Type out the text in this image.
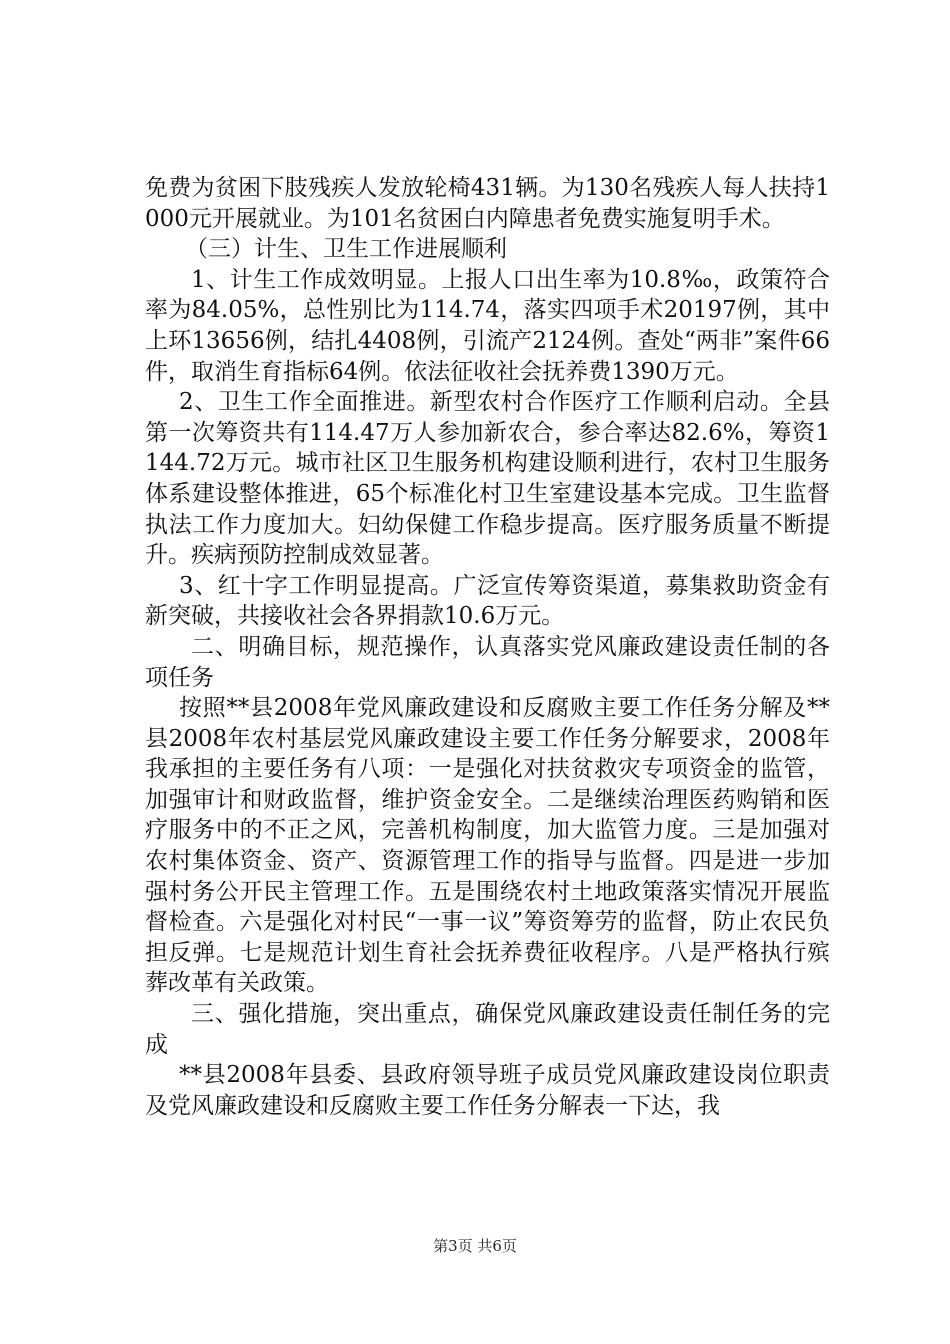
免费为贫困下肢残疾人发放轮椅431辆。为130名残疾人每人扶持1000元开展就业。为101名贫困白内障患者免费实施复明手术。

（三）计生、卫生工作进展顺利

1、计生工作成效明显。上报人口出生率为10.8‰，政策符合率为84.05%，总性别比为114.74，落实四项手术20197例，其中上环13656例，结扎4408例，引流产2124例。查处“两非”案件66件，取消生育指标64例。依法征收社会抚养费1390万元。

2、卫生工作全面推进。新型农村合作医疗工作顺利启动。全县第一次筹资共有114.47万人参加新农合，参合率达82.6%，筹资1144.72万元。城市社区卫生服务机构建设顺利进行，农村卫生服务体系建设整体推进，65个标准化村卫生室建设基本完成。卫生监督执法工作力度加大。妇幼保健工作稳步提高。医疗服务质量不断提升。疾病预防控制成效显著。

3、红十字工作明显提高。广泛宣传筹资渠道，募集救助资金有新突破，共接收社会各界捐款10.6万元。

二、明确目标，规范操作，认真落实党风廉政建设责任制的各项任务

按照**县2008年党风廉政建设和反腐败主要工作任务分解及**县2008年农村基层党风廉政建设主要工作任务分解要求，2008年我承担的主要任务有八项：一是强化对扶贫救灾专项资金的监管，加强审计和财政监督，维护资金安全。二是继续治理医药购销和医疗服务中的不正之风，完善机构制度，加大监管力度。三是加强对农村集体资金、资产、资源管理工作的指导与监督。四是进一步加强村务公开民主管理工作。五是围绕农村土地政策落实情况开展监督检查。六是强化对村民“一事一议”筹资筹劳的监督，防止农民负担反弹。七是规范计划生育社会抚养费征收程序。八是严格执行殡葬改革有关政策。

三、强化措施，突出重点，确保党风廉政建设责任制任务的完成

**县2008年县委、县政府领导班子成员党风廉政建设岗位职责及党风廉政建设和反腐败主要工作任务分解表一下达，我

第3页 共6页
